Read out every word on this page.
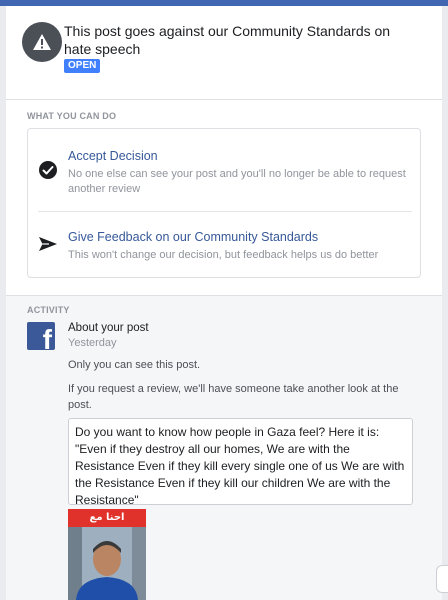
This post goes against our Community Standards on hate speech
OPEN
WHAT YOU CAN DO
Accept Decision
No one else can see your post and you'll no longer be able to request another review
Give Feedback on our Community Standards
This won't change our decision, but feedback helps us do better
ACTIVITY
f About your post
Yesterday
Only you can see this post.
If you request a review, we'll have someone take another look at the post.
Do you want to know how people in Gaza feel? Here it is: "Even if they destroy all our homes, We are with the Resistance Even if they kill every single one of us We are with the Resistance Even if they kill our children We are with the Resistance"
احنا مع
